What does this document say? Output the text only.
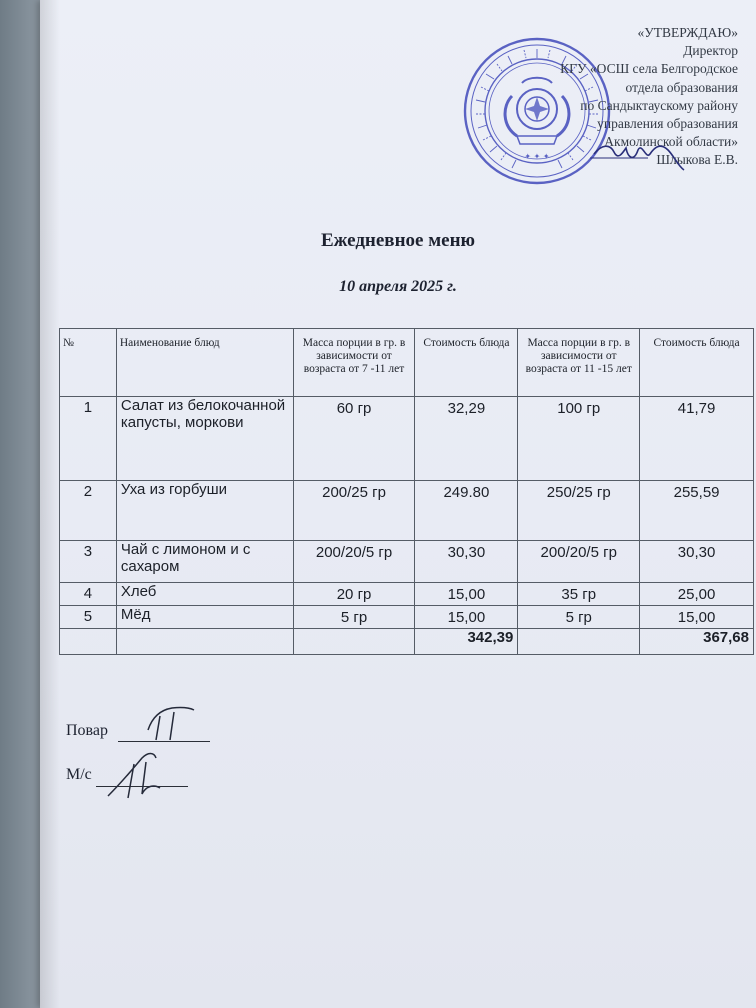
✦ ✦ ✦
«УТВЕРЖДАЮ»
Директор
КГУ «ОСШ села Белгородское
отдела образования
по Сандыктаускому району
управления образования
Акмолинской области»
Шлыкова Е.В.
Ежедневное меню
10 апреля 2025 г.
№	Наименование блюд	Масса порции в гр. в зависимости от возраста от 7 -11 лет	Стоимость блюда	Масса порции в гр. в зависимости от возраста от 11 -15 лет	Стоимость блюда
1	Салат из белокочанной капусты, моркови	60 гр	32,29	100 гр	41,79
2	Уха из горбуши	200/25 гр	249.80	250/25 гр	255,59
3	Чай с лимоном и с сахаром	200/20/5 гр	30,30	200/20/5 гр	30,30
4	Хлеб	20 гр	15,00	35 гр	25,00
5	Мёд	5 гр	15,00	5 гр	15,00
			342,39		367,68
Повар
М/с
